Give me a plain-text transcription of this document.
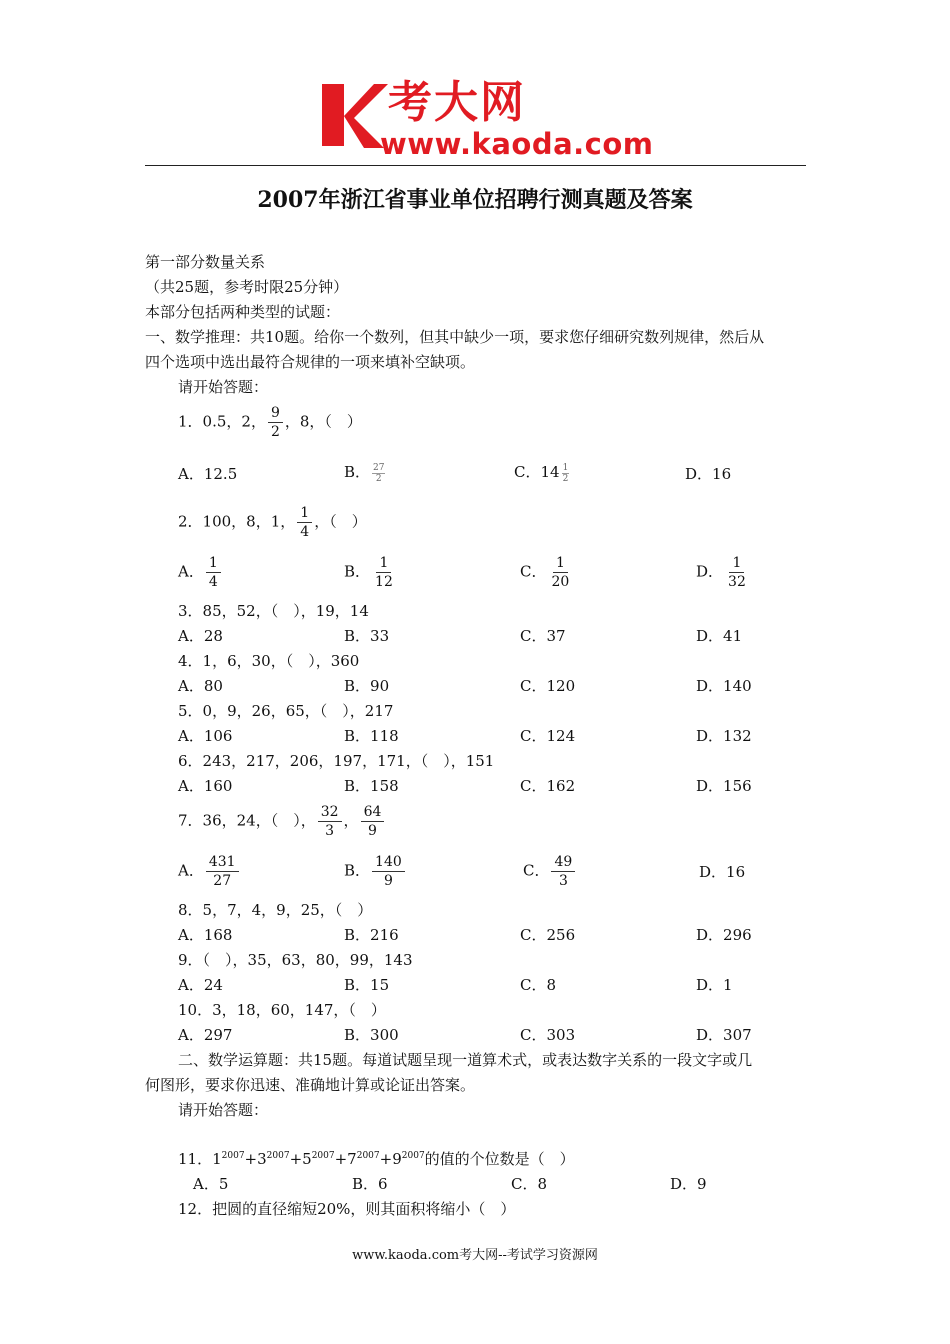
考大网
www.kaoda.com
2007年浙江省事业单位招聘行测真题及答案
第一部分数量关系
（共25题，参考时限25分钟）
本部分包括两种类型的试题：
一、数学推理：共10题。给你一个数列，但其中缺少一项，要求您仔细研究数列规律，然后从
四个选项中选出最符合规律的一项来填补空缺项。
请开始答题：
1．0.5，2， $\frac{9}{2}$ ，8，（　）
A．12.5	B． $\frac{27}{2}$	C．$14 \frac{1}{2}$	D．16
2．100，8，1， $\frac{1}{4}$ ，（　）
A． $\frac{1}{4}$	B． $\frac{1}{12}$	C． $\frac{1}{20}$	D． $\frac{1}{32}$
3．85，52，（　），19，14
A．28	B．33	C．37	D．41
4．1，6，30，（　），360
A．80	B．90	C．120	D．140
5．0，9，26，65，（　），217
A．106	B．118	C．124	D．132
6．243，217，206，197，171，（　），151
A．160	B．158	C．162	D．156
7．36，24，（　）， $\frac{32}{3}$ ， $\frac{64}{9}$
A． $\frac{431}{27}$	B． $\frac{140}{9}$	C． $\frac{49}{3}$	D．16
8．5，7，4，9，25，（　）
A．168	B．216	C．256	D．296
9．（　），35，63，80，99，143
A．24	B．15	C．8	D．1
10．3，18，60，147，（　）
A．297	B．300	C．303	D．307
二、数学运算题：共15题。每道试题呈现一道算术式，或表达数字关系的一段文字或几
何图形，要求你迅速、准确地计算或论证出答案。
请开始答题：
11．$1^{2007}+3^{2007}+5^{2007}+7^{2007}+9^{2007}$的值的个位数是（　）
A．5	B．6	C．8	D．9
12．把圆的直径缩短20%，则其面积将缩小（　）
www.kaoda.com考大网--考试学习资源网
